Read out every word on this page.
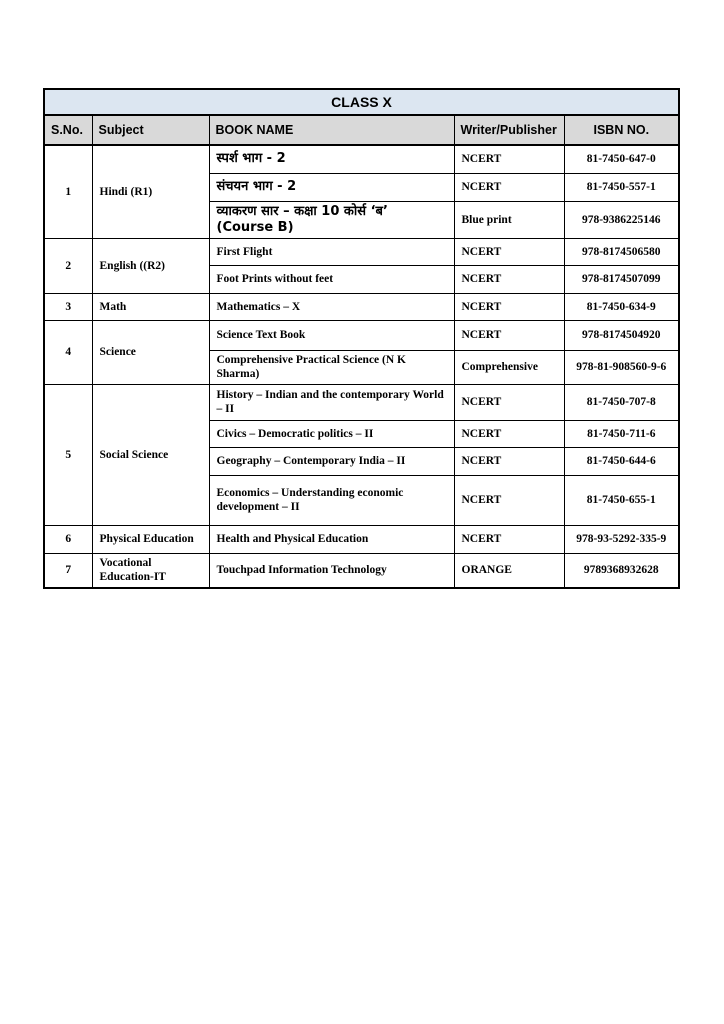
CLASS X				
S.No.	Subject	BOOK NAME	Writer/Publisher	ISBN NO.
1	Hindi (R1)	स्पर्श भाग - 2	NCERT	81-7450-647-0
		संचयन भाग - 2	NCERT	81-7450-557-1
		व्याकरण सार – कक्षा 10 कोर्स ‘ब’ (Course B)	Blue print	978-9386225146
2	English ((R2)	First Flight	NCERT	978-8174506580
		Foot Prints without feet	NCERT	978-8174507099
3	Math	Mathematics – X	NCERT	81-7450-634-9
4	Science	Science Text Book	NCERT	978-8174504920
		Comprehensive Practical Science (N K Sharma)	Comprehensive	978-81-908560-9-6
5	Social Science	History – Indian and the contemporary World – II	NCERT	81-7450-707-8
		Civics – Democratic politics – II	NCERT	81-7450-711-6
		Geography – Contemporary India – II	NCERT	81-7450-644-6
		Economics – Understanding economic development – II	NCERT	81-7450-655-1
6	Physical Education	Health and Physical Education	NCERT	978-93-5292-335-9
7	Vocational Education-IT	Touchpad Information Technology	ORANGE	9789368932628
